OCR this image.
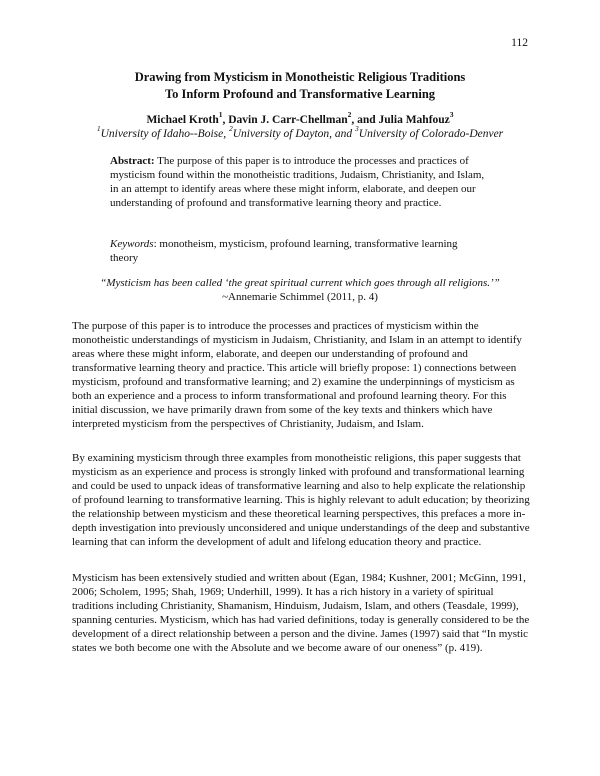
112
Drawing from Mysticism in Monotheistic Religious Traditions
To Inform Profound and Transformative Learning
Michael Kroth$^1$, Davin J. Carr-Chellman$^2$, and Julia Mahfouz$^3$
$^1$University of Idaho--Boise, $^2$University of Dayton, and $^3$University of Colorado-Denver
Abstract: The purpose of this paper is to introduce the processes and practices of mysticism found within the monotheistic traditions, Judaism, Christianity, and Islam, in an attempt to identify areas where these might inform, elaborate, and deepen our understanding of profound and transformative learning theory and practice.
Keywords: monotheism, mysticism, profound learning, transformative learning theory
“Mysticism has been called ‘the great spiritual current which goes through all religions.’”
~Annemarie Schimmel (2011, p. 4)

The purpose of this paper is to introduce the processes and practices of mysticism within the monotheistic understandings of mysticism in Judaism, Christianity, and Islam in an attempt to identify areas where these might inform, elaborate, and deepen our understanding of profound and transformative learning theory and practice. This article will briefly propose: 1) connections between mysticism, profound and transformative learning; and 2) examine the underpinnings of mysticism as both an experience and a process to inform transformational and profound learning theory. For this initial discussion, we have primarily drawn from some of the key texts and thinkers which have interpreted mysticism from the perspectives of Christianity, Judaism, and Islam.

By examining mysticism through three examples from monotheistic religions, this paper suggests that mysticism as an experience and process is strongly linked with profound and transformational learning and could be used to unpack ideas of transformative learning and also to help explicate the relationship of profound learning to transformative learning. This is highly relevant to adult education; by theorizing the relationship between mysticism and these theoretical learning perspectives, this prefaces a more in-depth investigation into previously unconsidered and unique understandings of the deep and substantive learning that can inform the development of adult and lifelong education theory and practice.

Mysticism has been extensively studied and written about (Egan, 1984; Kushner, 2001; McGinn, 1991, 2006; Scholem, 1995; Shah, 1969; Underhill, 1999). It has a rich history in a variety of spiritual traditions including Christianity, Shamanism, Hinduism, Judaism, Islam, and others (Teasdale, 1999), spanning centuries. Mysticism, which has had varied definitions, today is generally considered to be the development of a direct relationship between a person and the divine. James (1997) said that “In mystic states we both become one with the Absolute and we become aware of our oneness” (p. 419).
